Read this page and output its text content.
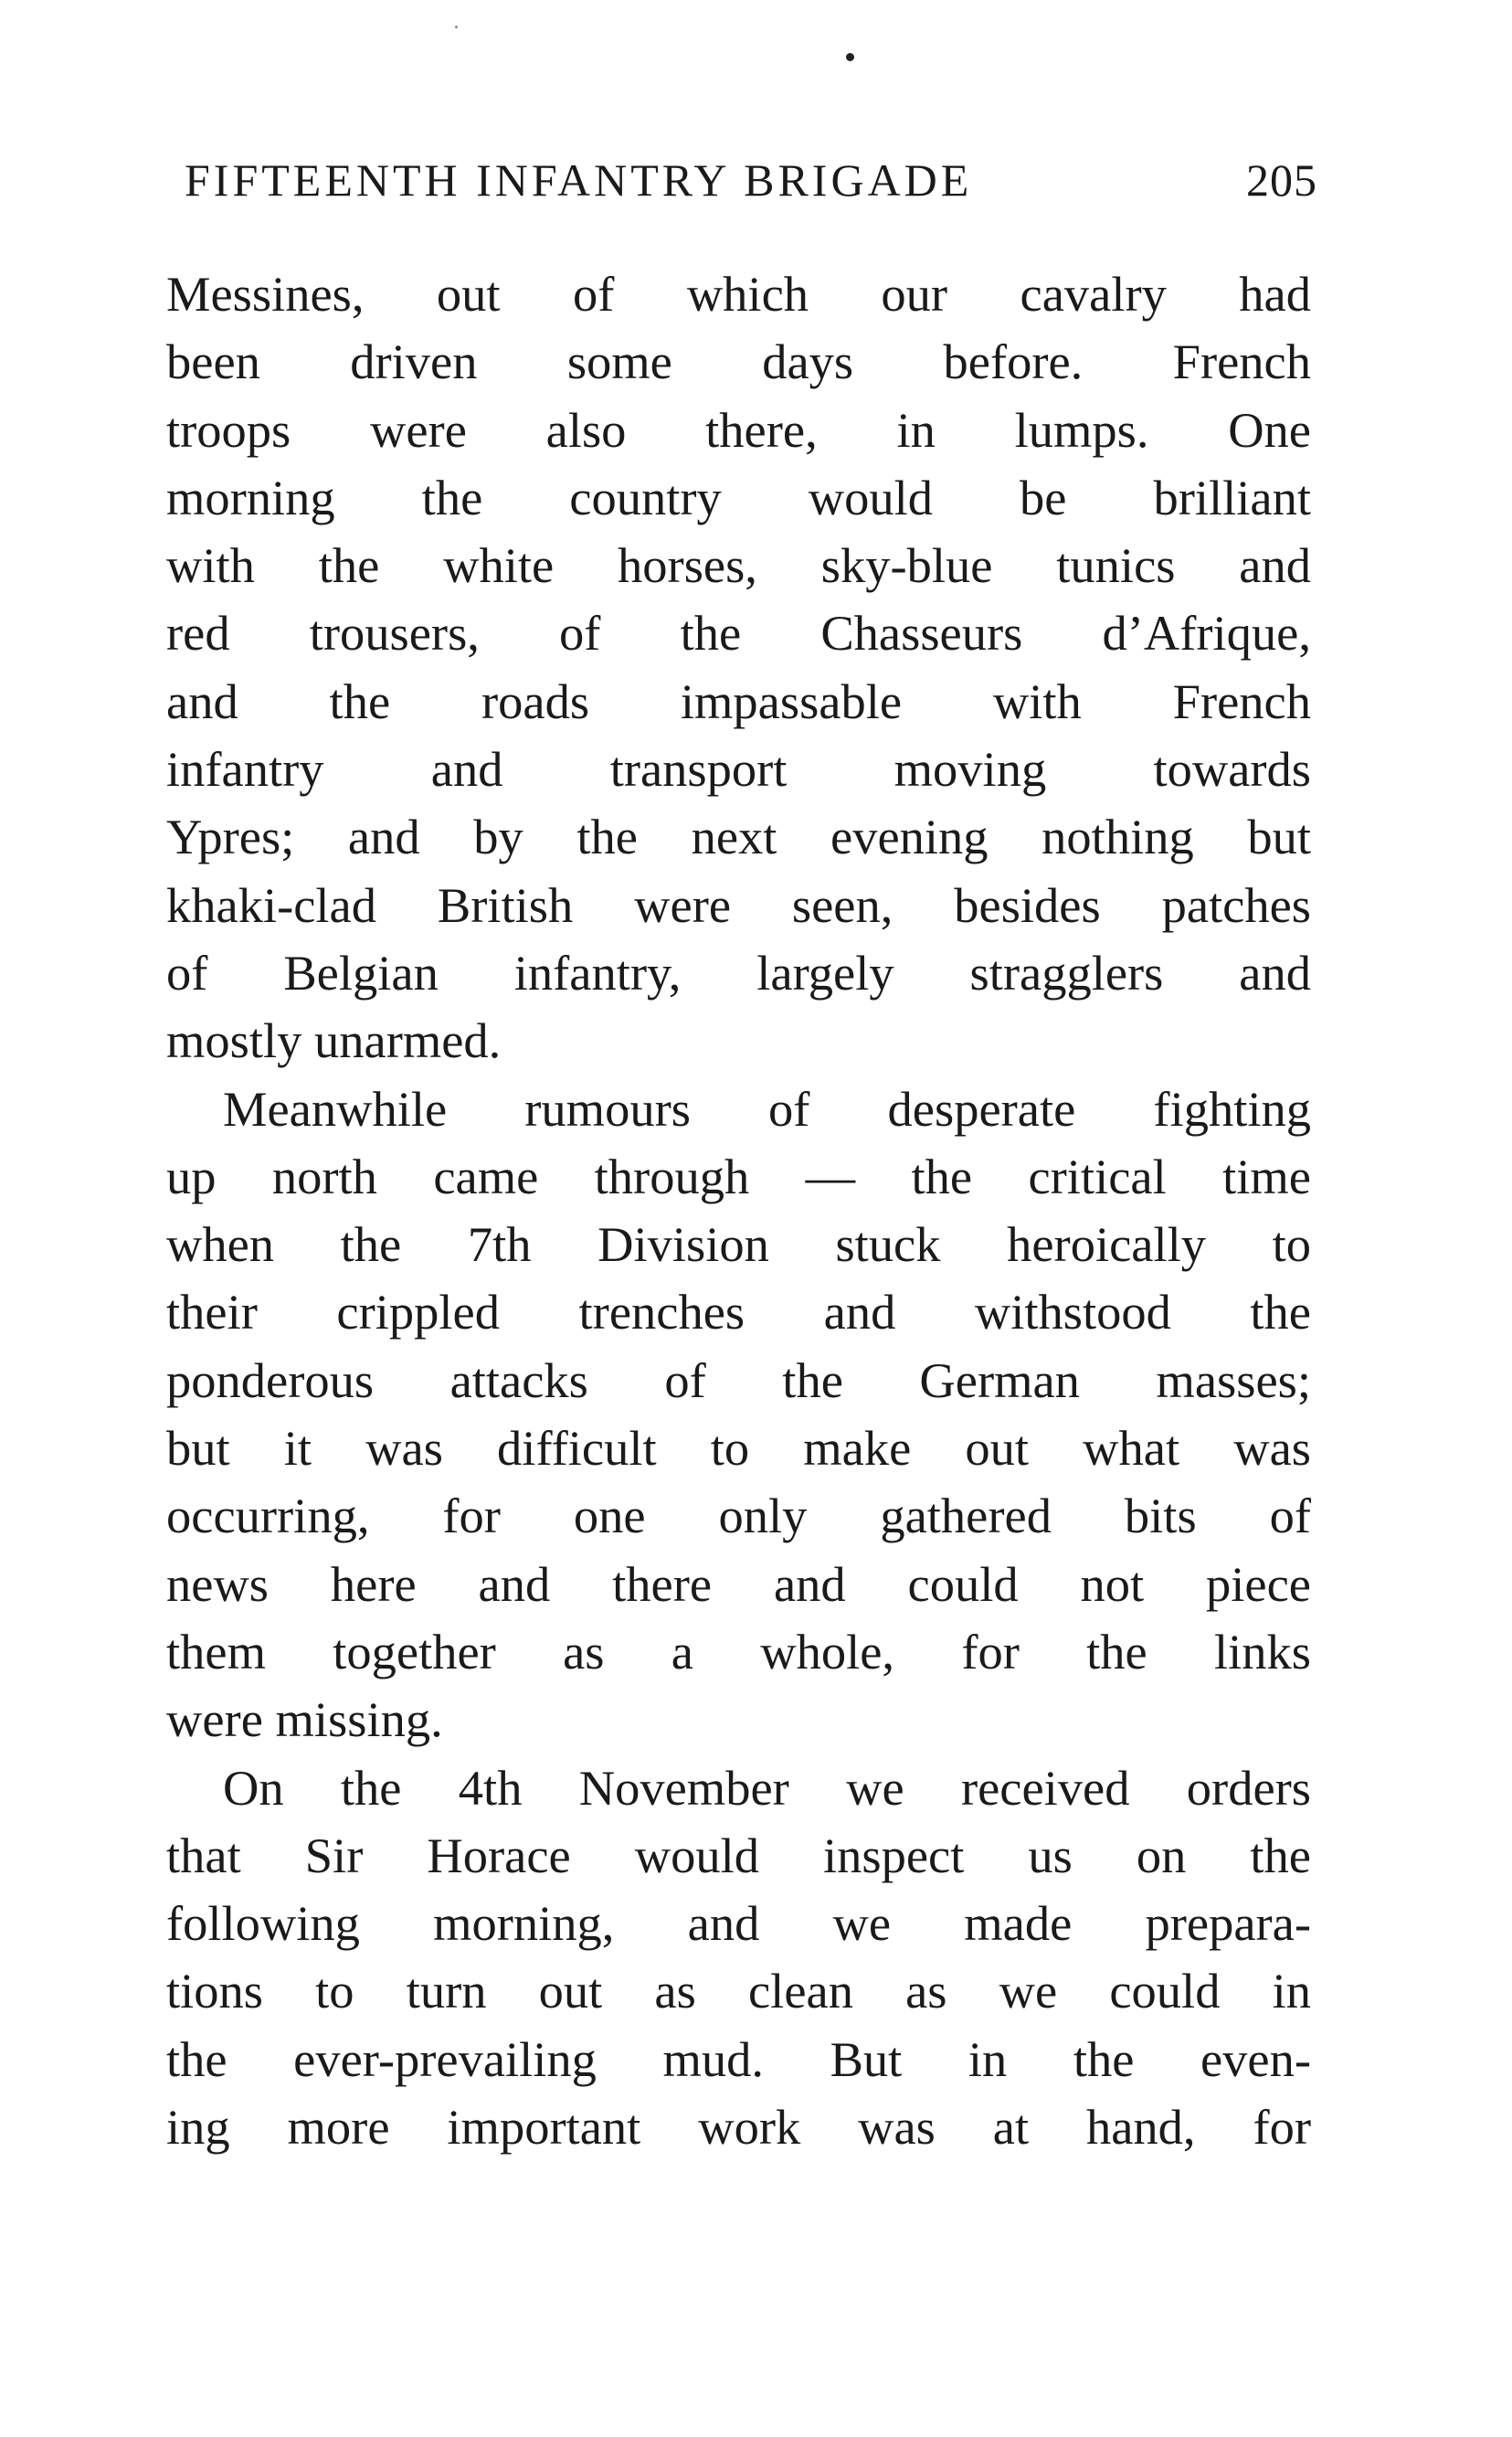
FIFTEENTH INFANTRY BRIGADE	205
Messines, out of which our cavalry had
been driven some days before. French
troops were also there, in lumps. One
morning the country would be brilliant
with the white horses, sky-blue tunics and
red trousers, of the Chasseurs d’Afrique,
and the roads impassable with French
infantry and transport moving towards
Ypres; and by the next evening nothing but
khaki-clad British were seen, besides patches
of Belgian infantry, largely stragglers and
mostly unarmed.
Meanwhile rumours of desperate fighting
up north came through — the critical time
when the 7th Division stuck heroically to
their crippled trenches and withstood the
ponderous attacks of the German masses;
but it was difficult to make out what was
occurring, for one only gathered bits of
news here and there and could not piece
them together as a whole, for the links
were missing.
On the 4th November we received orders
that Sir Horace would inspect us on the
following morning, and we made prepara-
tions to turn out as clean as we could in
the ever-prevailing mud. But in the even-
ing more important work was at hand, for
